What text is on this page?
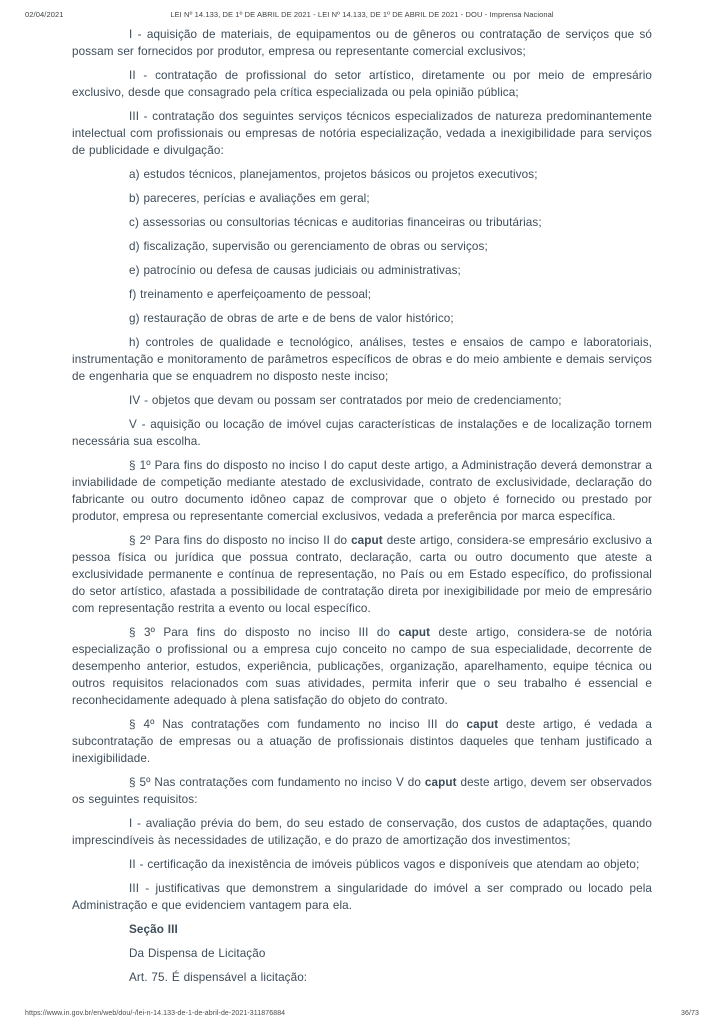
LEI Nº 14.133, DE 1º DE ABRIL DE 2021 - LEI Nº 14.133, DE 1º DE ABRIL DE 2021 - DOU - Imprensa Nacional
02/04/2021

I - aquisição de materiais, de equipamentos ou de gêneros ou contratação de serviços que só possam ser fornecidos por produtor, empresa ou representante comercial exclusivos;

II - contratação de profissional do setor artístico, diretamente ou por meio de empresário exclusivo, desde que consagrado pela crítica especializada ou pela opinião pública;

III - contratação dos seguintes serviços técnicos especializados de natureza predominantemente intelectual com profissionais ou empresas de notória especialização, vedada a inexigibilidade para serviços de publicidade e divulgação:

a) estudos técnicos, planejamentos, projetos básicos ou projetos executivos;

b) pareceres, perícias e avaliações em geral;

c) assessorias ou consultorias técnicas e auditorias financeiras ou tributárias;

d) fiscalização, supervisão ou gerenciamento de obras ou serviços;

e) patrocínio ou defesa de causas judiciais ou administrativas;

f) treinamento e aperfeiçoamento de pessoal;

g) restauração de obras de arte e de bens de valor histórico;

h) controles de qualidade e tecnológico, análises, testes e ensaios de campo e laboratoriais, instrumentação e monitoramento de parâmetros específicos de obras e do meio ambiente e demais serviços de engenharia que se enquadrem no disposto neste inciso;

IV - objetos que devam ou possam ser contratados por meio de credenciamento;

V - aquisição ou locação de imóvel cujas características de instalações e de localização tornem necessária sua escolha.

§ 1º Para fins do disposto no inciso I do caput deste artigo, a Administração deverá demonstrar a inviabilidade de competição mediante atestado de exclusividade, contrato de exclusividade, declaração do fabricante ou outro documento idôneo capaz de comprovar que o objeto é fornecido ou prestado por produtor, empresa ou representante comercial exclusivos, vedada a preferência por marca específica.

§ 2º Para fins do disposto no inciso II do caput deste artigo, considera-se empresário exclusivo a pessoa física ou jurídica que possua contrato, declaração, carta ou outro documento que ateste a exclusividade permanente e contínua de representação, no País ou em Estado específico, do profissional do setor artístico, afastada a possibilidade de contratação direta por inexigibilidade por meio de empresário com representação restrita a evento ou local específico.

§ 3º Para fins do disposto no inciso III do caput deste artigo, considera-se de notória especialização o profissional ou a empresa cujo conceito no campo de sua especialidade, decorrente de desempenho anterior, estudos, experiência, publicações, organização, aparelhamento, equipe técnica ou outros requisitos relacionados com suas atividades, permita inferir que o seu trabalho é essencial e reconhecidamente adequado à plena satisfação do objeto do contrato.

§ 4º Nas contratações com fundamento no inciso III do caput deste artigo, é vedada a subcontratação de empresas ou a atuação de profissionais distintos daqueles que tenham justificado a inexigibilidade.

§ 5º Nas contratações com fundamento no inciso V do caput deste artigo, devem ser observados os seguintes requisitos:

I - avaliação prévia do bem, do seu estado de conservação, dos custos de adaptações, quando imprescindíveis às necessidades de utilização, e do prazo de amortização dos investimentos;

II - certificação da inexistência de imóveis públicos vagos e disponíveis que atendam ao objeto;

III - justificativas que demonstrem a singularidade do imóvel a ser comprado ou locado pela Administração e que evidenciem vantagem para ela.

Seção III

Da Dispensa de Licitação

Art. 75. É dispensável a licitação:

https://www.in.gov.br/en/web/dou/-/lei-n-14.133-de-1-de-abril-de-2021-311876884	36/73
